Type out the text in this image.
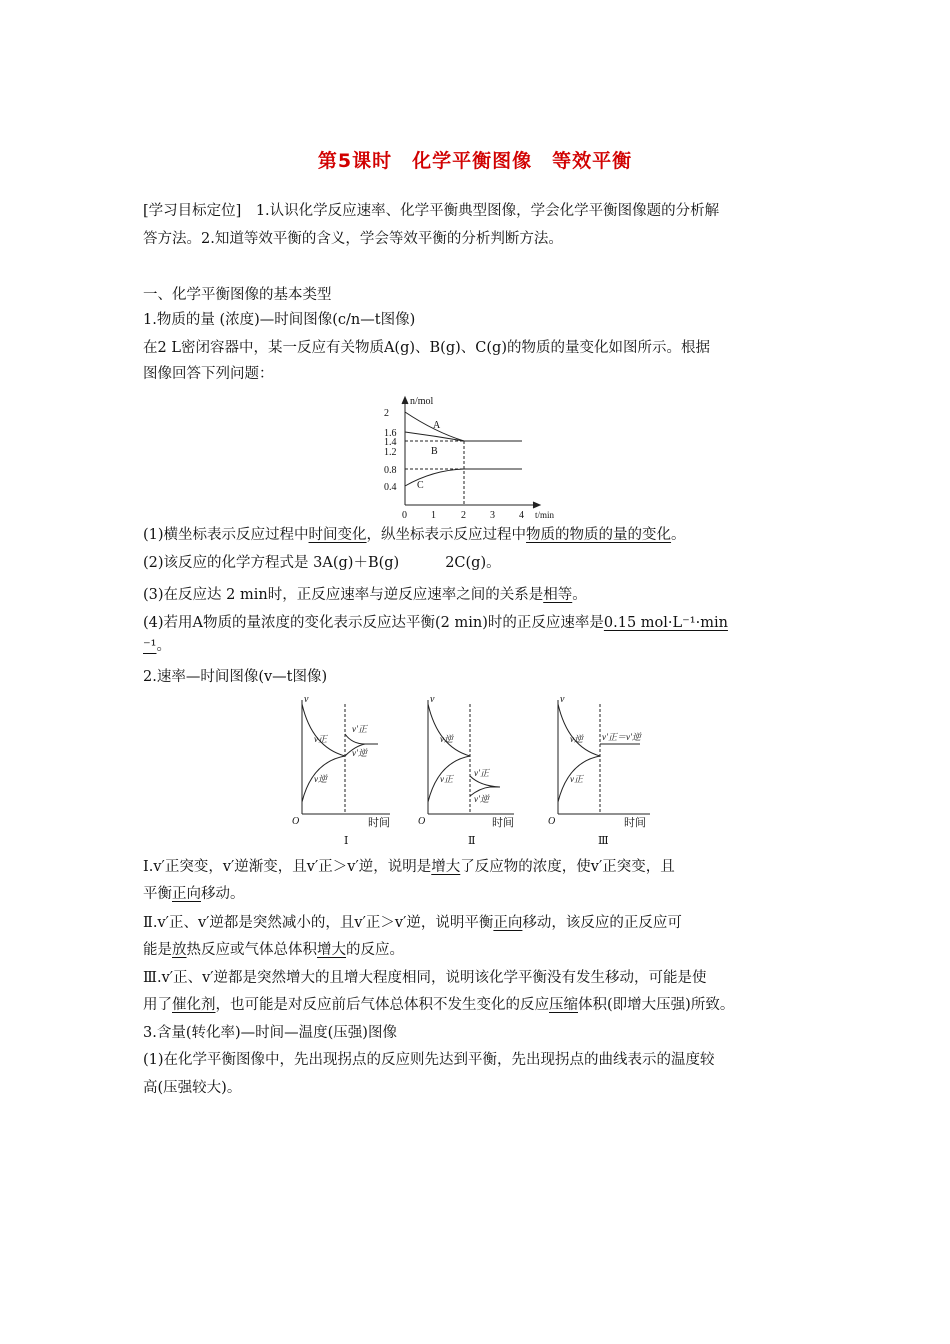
第5课时　化学平衡图像　等效平衡
[学习目标定位]　 1.认识化学反应速率、化学平衡典型图像，学会化学平衡图像题的分析解
答方法。2.知道等效平衡的含义，学会等效平衡的分析判断方法。
一、化学平衡图像的基本类型
1.物质的量 (浓度)—时间图像(c/n—t图像)
在2 L密闭容器中，某一反应有关物质A(g)、B(g)、C(g)的物质的量变化如图所示。根据
图像回答下列问题：
n/mol
t/min
2
1.6
1.4
1.2
0.8
0.4
0 1	2 3 4
A
B
C
(1)横坐标表示反应过程中时间变化，纵坐标表示反应过程中物质的物质的量的变化。
(2)该反应的化学方程式是 3A(g)＋B(g)	2C(g)。
(3)在反应达 2 min时，正反应速率与逆反应速率之间的关系是相等。
(4)若用A物质的量浓度的变化表示反应达平衡(2 min)时的正反应速率是0.15 mol·L⁻¹·min
⁻¹。
2.速率—时间图像(v—t图像)
v
O
v正
v逆
v′正
v′逆
v
O
v逆
v正
v′正
v′逆
v
O
v逆
v正
v′正＝v′逆
时间
Ⅰ
时间
Ⅱ
时间
Ⅲ
Ⅰ.v′正突变，v′逆渐变，且v′正＞v′逆，说明是增大了反应物的浓度，使v′正突变，且
平衡正向移动。
Ⅱ.v′正、v′逆都是突然减小的，且v′正＞v′逆，说明平衡正向移动，该反应的正反应可
能是放热反应或气体总体积增大的反应。
Ⅲ.v′正、v′逆都是突然增大的且增大程度相同，说明该化学平衡没有发生移动，可能是使
用了催化剂，也可能是对反应前后气体总体积不发生变化的反应压缩体积(即增大压强)所致。
3.含量(转化率)—时间—温度(压强)图像
(1)在化学平衡图像中，先出现拐点的反应则先达到平衡，先出现拐点的曲线表示的温度较
高(压强较大)。
